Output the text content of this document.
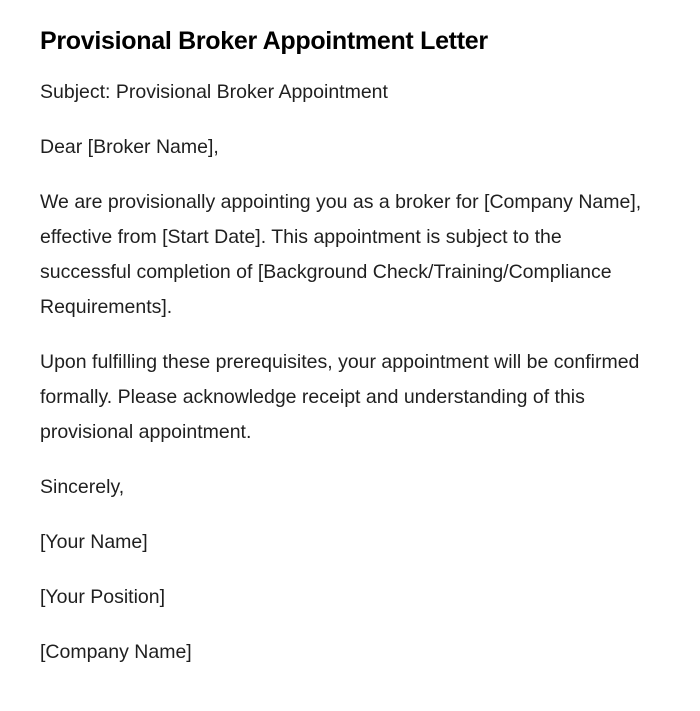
Provisional Broker Appointment Letter

Subject: Provisional Broker Appointment

Dear [Broker Name],

We are provisionally appointing you as a broker for [Company Name], effective from [Start Date]. This appointment is subject to the successful completion of [Background Check/Training/Compliance Requirements].

Upon fulfilling these prerequisites, your appointment will be confirmed formally. Please acknowledge receipt and understanding of this provisional appointment.

Sincerely,

[Your Name]

[Your Position]

[Company Name]
